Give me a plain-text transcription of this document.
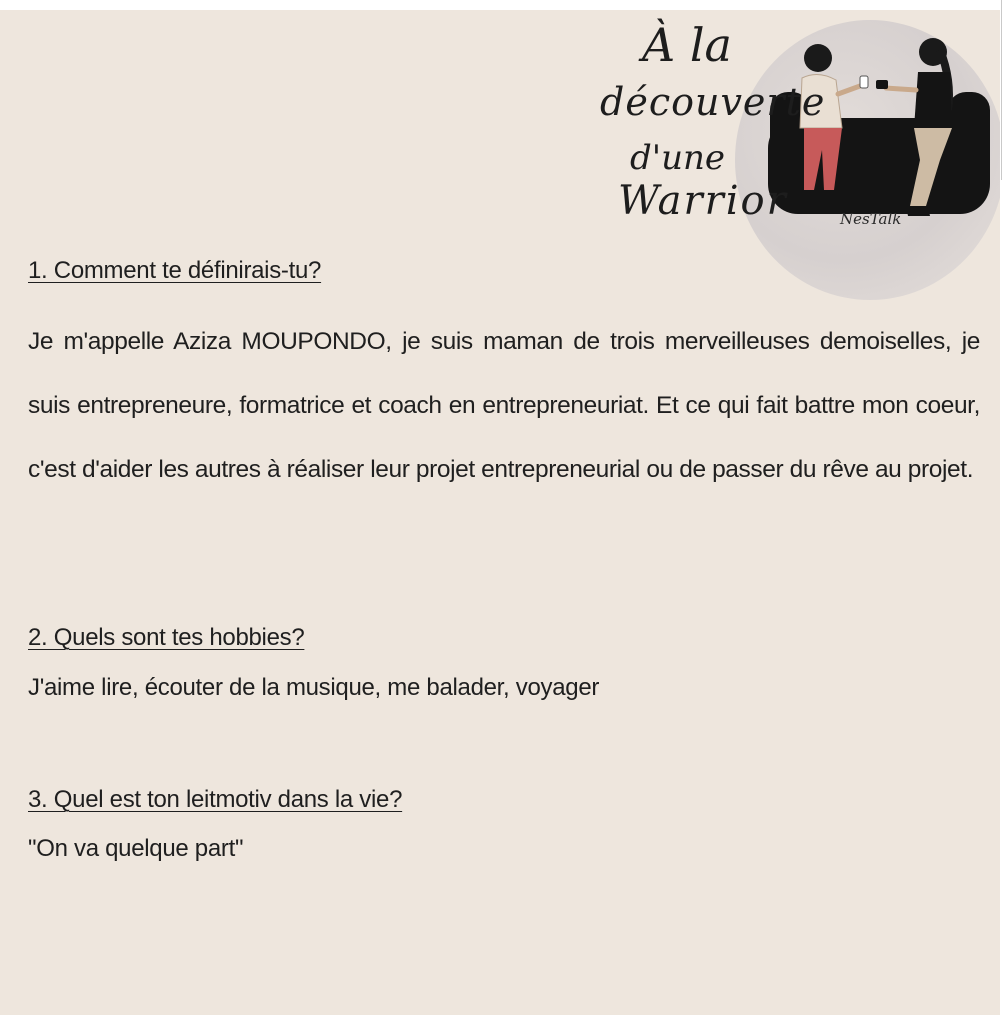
À la
découverte
d'une
Warrior	NesTalk
1. Comment te définirais-tu?

Je m'appelle Aziza MOUPONDO, je suis maman de trois merveilleuses demoiselles, je suis entrepreneure, formatrice et coach en entrepreneuriat. Et ce qui fait battre mon coeur, c'est d'aider les autres à réaliser leur projet entrepreneurial ou de passer du rêve au projet.

2. Quels sont tes hobbies?

J'aime lire, écouter de la musique, me balader, voyager

3. Quel est ton leitmotiv dans la vie?

"On va quelque part"
